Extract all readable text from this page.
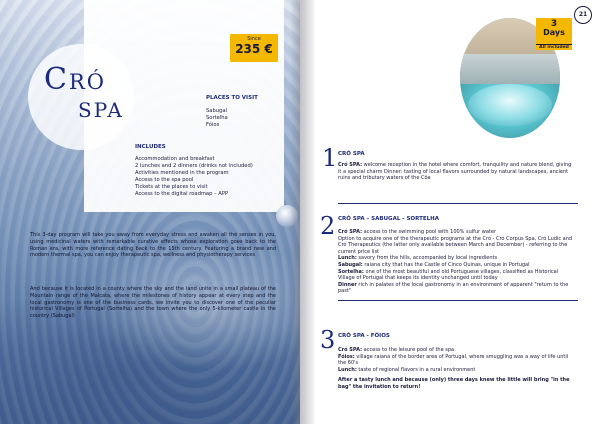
Cró
SPA
Since
235 €
PLACES TO VISIT
Sabugal
Sortelha
Fóios
INCLUDES
Accommodation and breakfast
2 lunches and 2 dinners (drinks not included)
Activities mentioned in the program
Access to the spa pool
Tickets at the places to visit
Access to the digital roadmap – APP

This 3-day program will take you away from everyday stress and awaken all the senses in you, using medicinal waters with remarkable curative effects whose exploration goes back to the Roman era, with more reference dating back to the 15th century. Featuring a brand new and modern thermal spa, you can enjoy therapeutic spa, wellness and physiotherapy services

And because it is located in a county where the sky and the land unite in a small plateau of the Mountain range of the Malcata, where the milestones of history appear at every step and the local gastronomy is one of the business cards, we invite you to discover one of the peculiar historical Villages of Portugal (Sortelha) and the town where the only 5-kilometer castle in the country (Sabugal)

21
3
Days
All included
1 CRÓ SPA
Cró SPA: welcome reception in the hotel where comfort, tranquility and nature blend, giving it a special charm Dinner: tasting of local flavors surrounded by natural landscapes, ancient ruins and tributary waters of the Côa
2 CRÓ SPA – SABUGAL - SORTELHA
Cró SPA: access to the swimming pool with 100% sulfur water
Option to acquire one of the therapeutic programs at the Cró - Cró Corpus Spa, Cró Ludic and Cró Therapeutics (the latter only available between March and December) - referring to the current price list
Lunch: savory from the hills, accompanied by local ingredients
Sabugal: raiana city that has the Castle of Cinco Quinas, unique in Portugal
Sortelha: one of the most beautiful and old Portuguese villages, classified as Historical Village of Portugal that keeps its identity unchanged until today
Dinner rich in palates of the local gastronomy in an environment of apparent "return to the past"
3 CRÓ SPA - FÓIOS
Cró SPA: access to the leisure pool of the spa
Fóios: village raiana of the border area of Portugal, where smuggling was a way of life until the 60's
Lunch: taste of regional flavors in a rural environment
After a tasty lunch and because (only) three days knew the little will bring "in the bag" the invitation to return!
